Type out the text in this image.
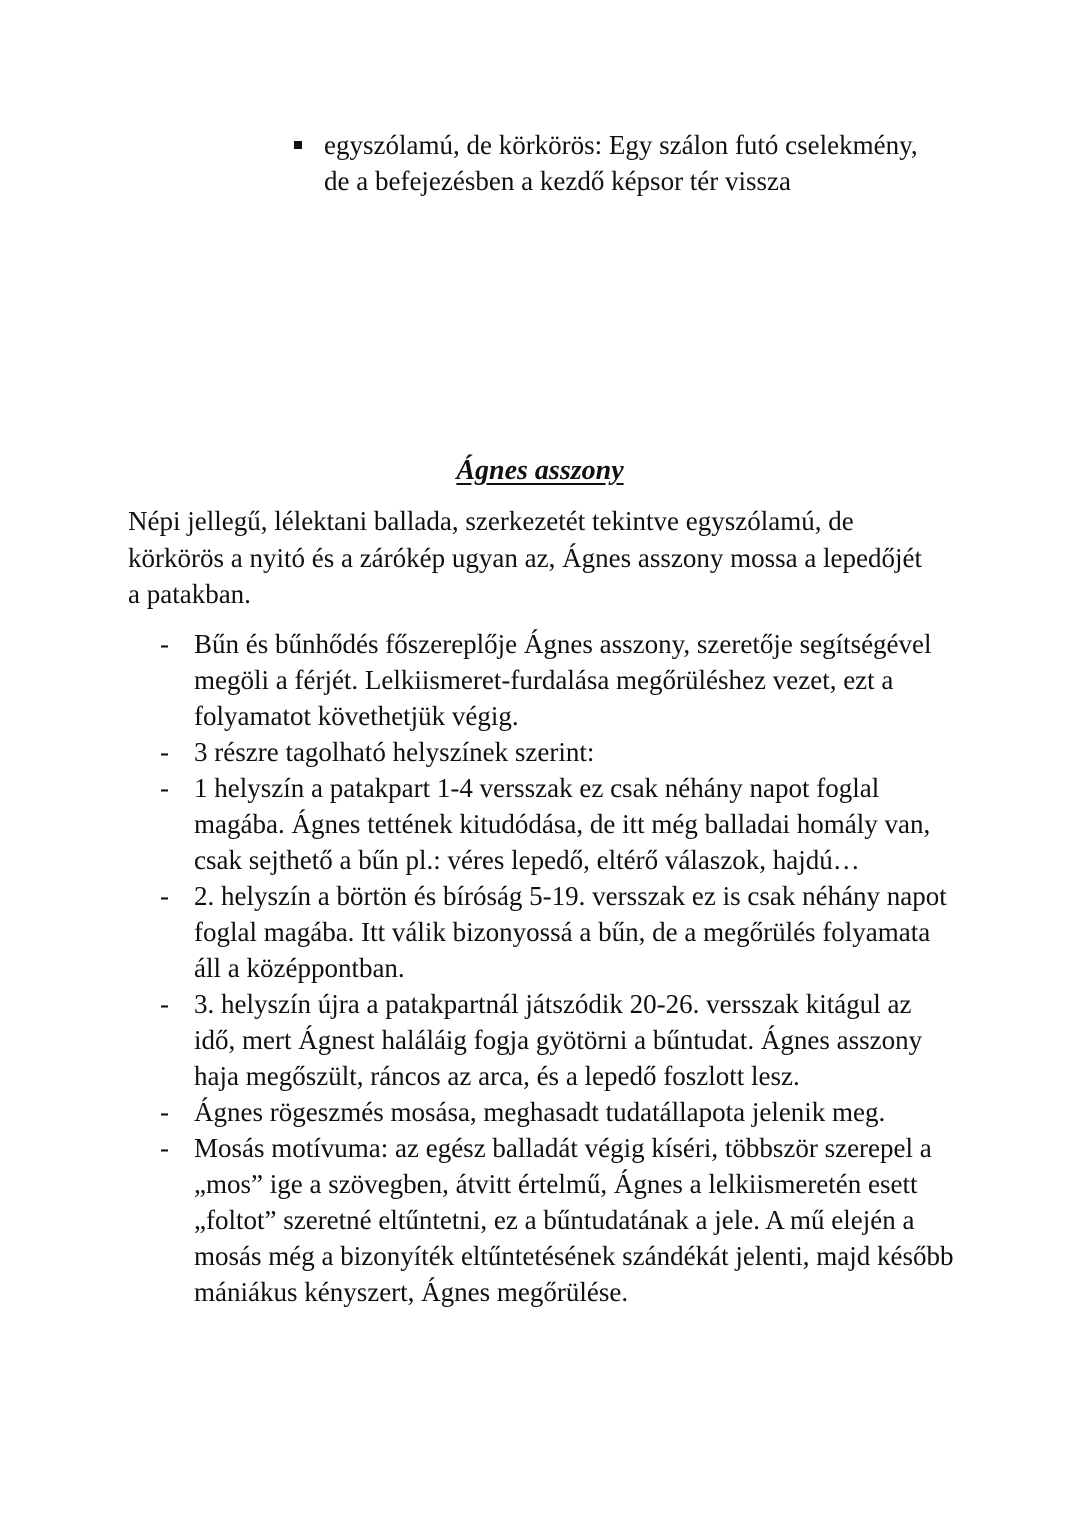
egyszólamú, de körkörös: Egy szálon futó cselekmény, de a befejezésben a kezdő képsor tér vissza
Ágnes asszony

Népi jellegű, lélektani ballada, szerkezetét tekintve egyszólamú, de körkörös a nyitó és a zárókép ugyan az, Ágnes asszony mossa a lepedőjét a patakban.

- Bűn és bűnhődés főszereplője Ágnes asszony, szeretője segítségével megöli a férjét. Lelkiismeret-furdalása megőrüléshez vezet, ezt a folyamatot követhetjük végig.
- 3 részre tagolható helyszínek szerint:
- 1 helyszín a patakpart 1-4 versszak ez csak néhány napot foglal magába. Ágnes tettének kitudódása, de itt még balladai homály van, csak sejthető a bűn pl.: véres lepedő, eltérő válaszok, hajdú…
- 2. helyszín a börtön és bíróság 5-19. versszak ez is csak néhány napot foglal magába. Itt válik bizonyossá a bűn, de a megőrülés folyamata áll a középpontban.
- 3. helyszín újra a patakpartnál játszódik 20-26. versszak kitágul az idő, mert Ágnest haláláig fogja gyötörni a bűntudat. Ágnes asszony haja megőszült, ráncos az arca, és a lepedő foszlott lesz.
- Ágnes rögeszmés mosása, meghasadt tudatállapota jelenik meg.
- Mosás motívuma: az egész balladát végig kíséri, többször szerepel a „mos” ige a szövegben, átvitt értelmű, Ágnes a lelkiismeretén esett „foltot” szeretné eltűntetni, ez a bűntudatának a jele. A mű elején a mosás még a bizonyíték eltűntetésének szándékát jelenti, majd később mániákus kényszert, Ágnes megőrülése.
